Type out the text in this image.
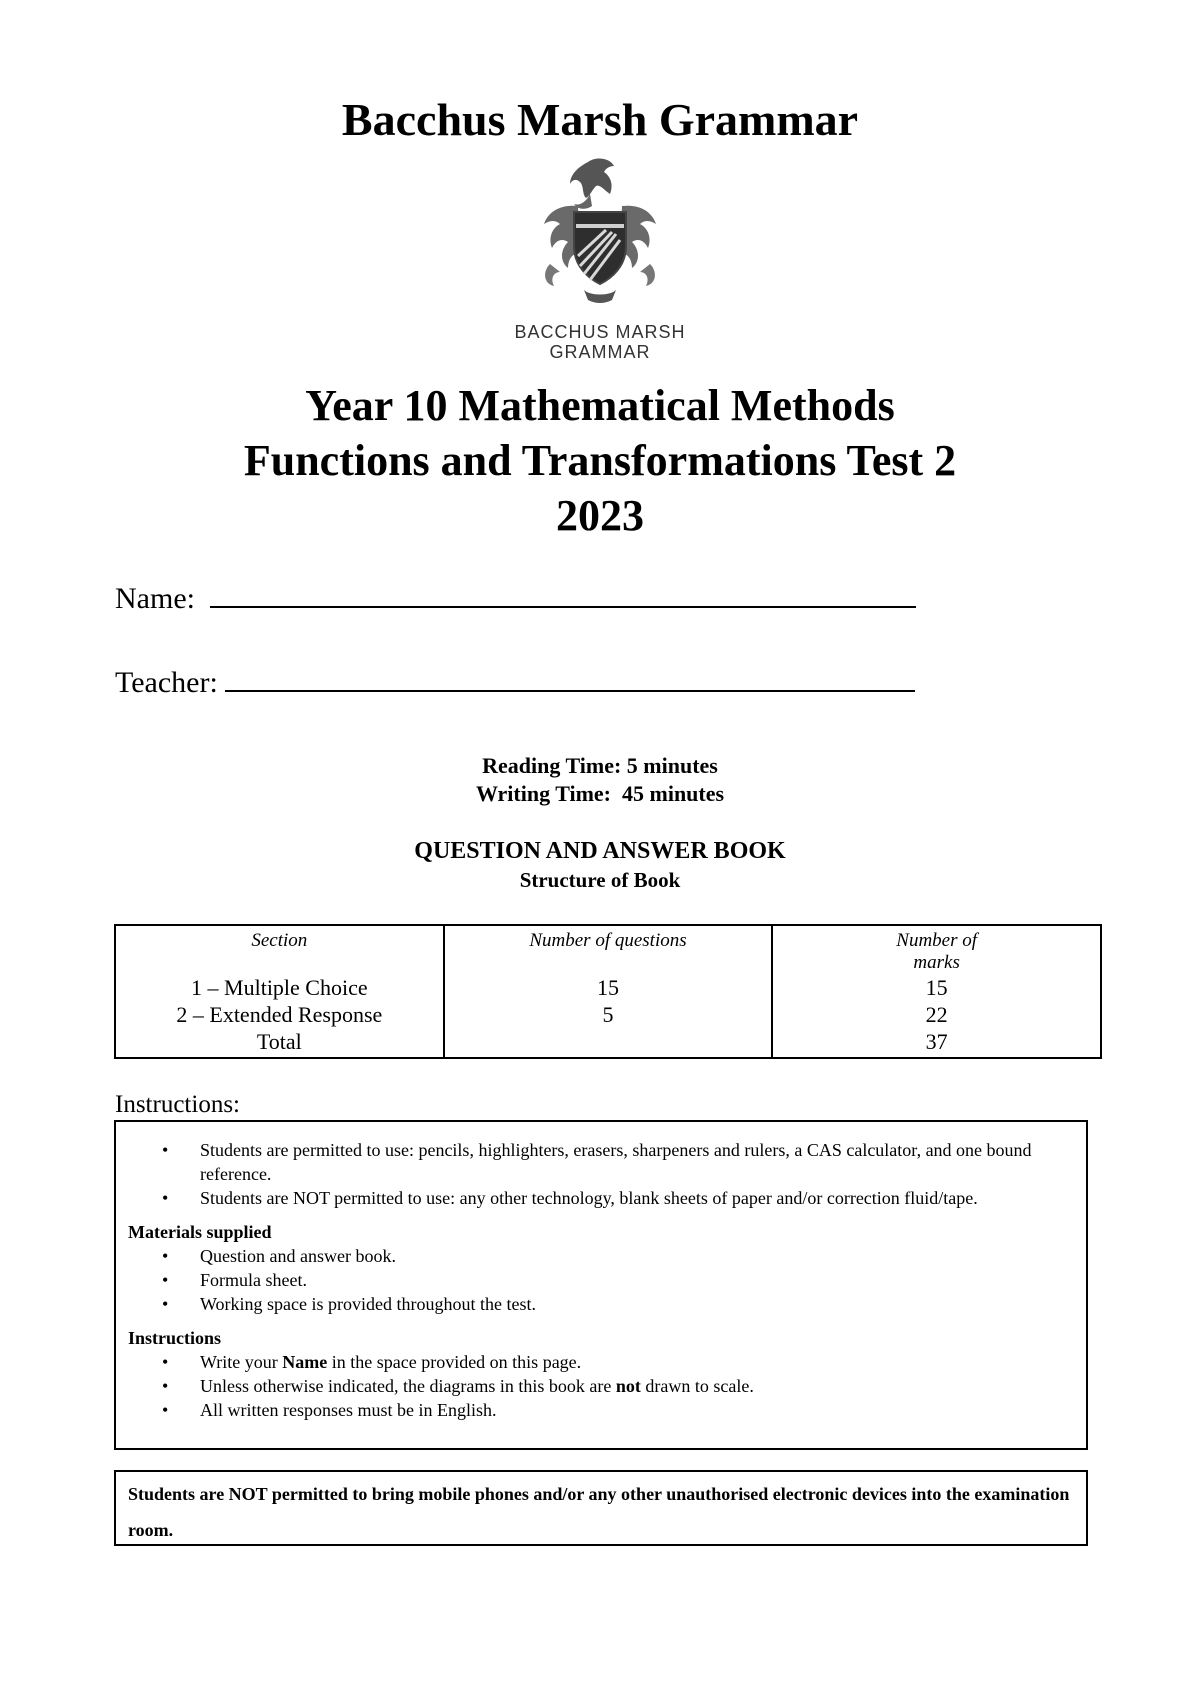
Bacchus Marsh Grammar
BACCHUS MARSH
GRAMMAR
Year 10 Mathematical Methods
Functions and Transformations Test 2
2023
Name:
Teacher:
Reading Time: 5 minutes
Writing Time:  45 minutes
QUESTION AND ANSWER BOOK
Structure of Book
Section	Number of questions	Number of marks
1 – Multiple Choice	15	15
2 – Extended Response	5	22
Total		37
Instructions:
• Students are permitted to use: pencils, highlighters, erasers, sharpeners and rulers, a CAS calculator, and one bound reference.
• Students are NOT permitted to use: any other technology, blank sheets of paper and/or correction fluid/tape.
Materials supplied
• Question and answer book.
• Formula sheet.
• Working space is provided throughout the test.
Instructions
• Write your Name in the space provided on this page.
• Unless otherwise indicated, the diagrams in this book are not drawn to scale.
• All written responses must be in English.
Students are NOT permitted to bring mobile phones and/or any other unauthorised electronic devices into the examination room.
